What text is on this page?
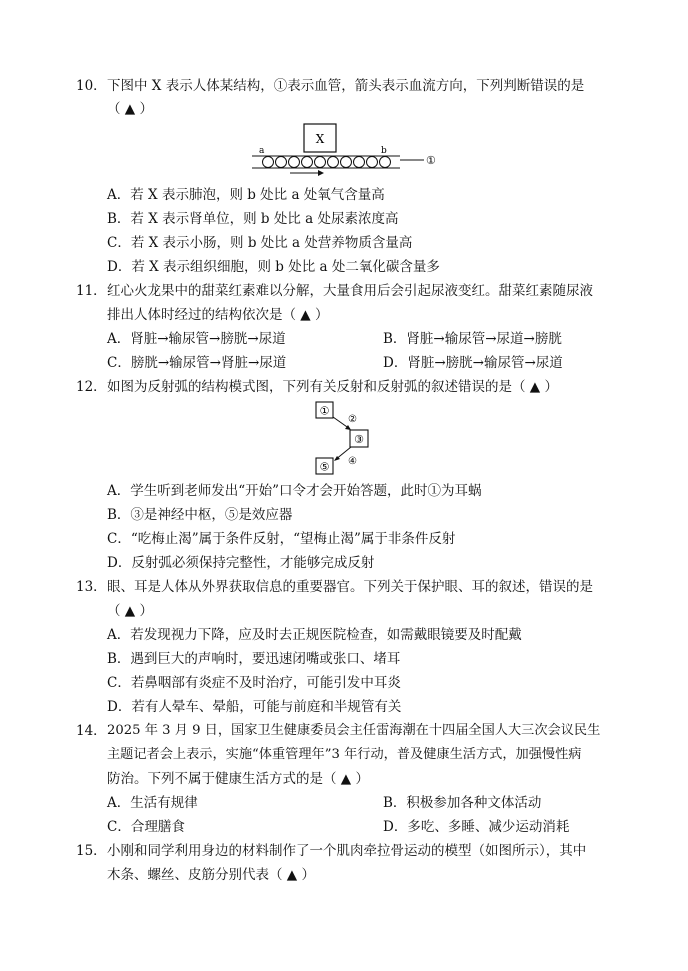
10． 下图中 X 表示人体某结构，①表示血管，箭头表示血流方向，下列判断错误的是
（ ▲ ）
X
a	b
①
A．若 X 表示肺泡，则 b 处比 a 处氧气含量高
B．若 X 表示肾单位，则 b 处比 a 处尿素浓度高
C．若 X 表示小肠，则 b 处比 a 处营养物质含量高
D．若 X 表示组织细胞，则 b 处比 a 处二氧化碳含量多
11． 红心火龙果中的甜菜红素难以分解，大量食用后会引起尿液变红。甜菜红素随尿液
排出人体时经过的结构依次是（ ▲ ）
A．肾脏→输尿管→膀胱→尿道	B．肾脏→输尿管→尿道→膀胱
C．膀胱→输尿管→肾脏→尿道	D．肾脏→膀胱→输尿管→尿道
12． 如图为反射弧的结构模式图，下列有关反射和反射弧的叙述错误的是（ ▲ ）
①
②
③
④
⑤
A．学生听到老师发出“开始”口令才会开始答题，此时①为耳蜗
B．③是神经中枢，⑤是效应器
C．“吃梅止渴”属于条件反射，“望梅止渴”属于非条件反射
D．反射弧必须保持完整性，才能够完成反射
13． 眼、耳是人体从外界获取信息的重要器官。下列关于保护眼、耳的叙述，错误的是
（ ▲ ）
A．若发现视力下降，应及时去正规医院检查，如需戴眼镜要及时配戴
B．遇到巨大的声响时，要迅速闭嘴或张口、堵耳
C．若鼻咽部有炎症不及时治疗，可能引发中耳炎
D．若有人晕车、晕船，可能与前庭和半规管有关
14． 2025 年 3 月 9 日，国家卫生健康委员会主任雷海潮在十四届全国人大三次会议民生
主题记者会上表示，实施“体重管理年”3 年行动，普及健康生活方式，加强慢性病
防治。下列不属于健康生活方式的是（ ▲ ）
A．生活有规律	B．积极参加各种文体活动
C．合理膳食	D．多吃、多睡、减少运动消耗
15． 小刚和同学利用身边的材料制作了一个肌肉牵拉骨运动的模型（如图所示），其中
木条、螺丝、皮筋分别代表（ ▲ ）
